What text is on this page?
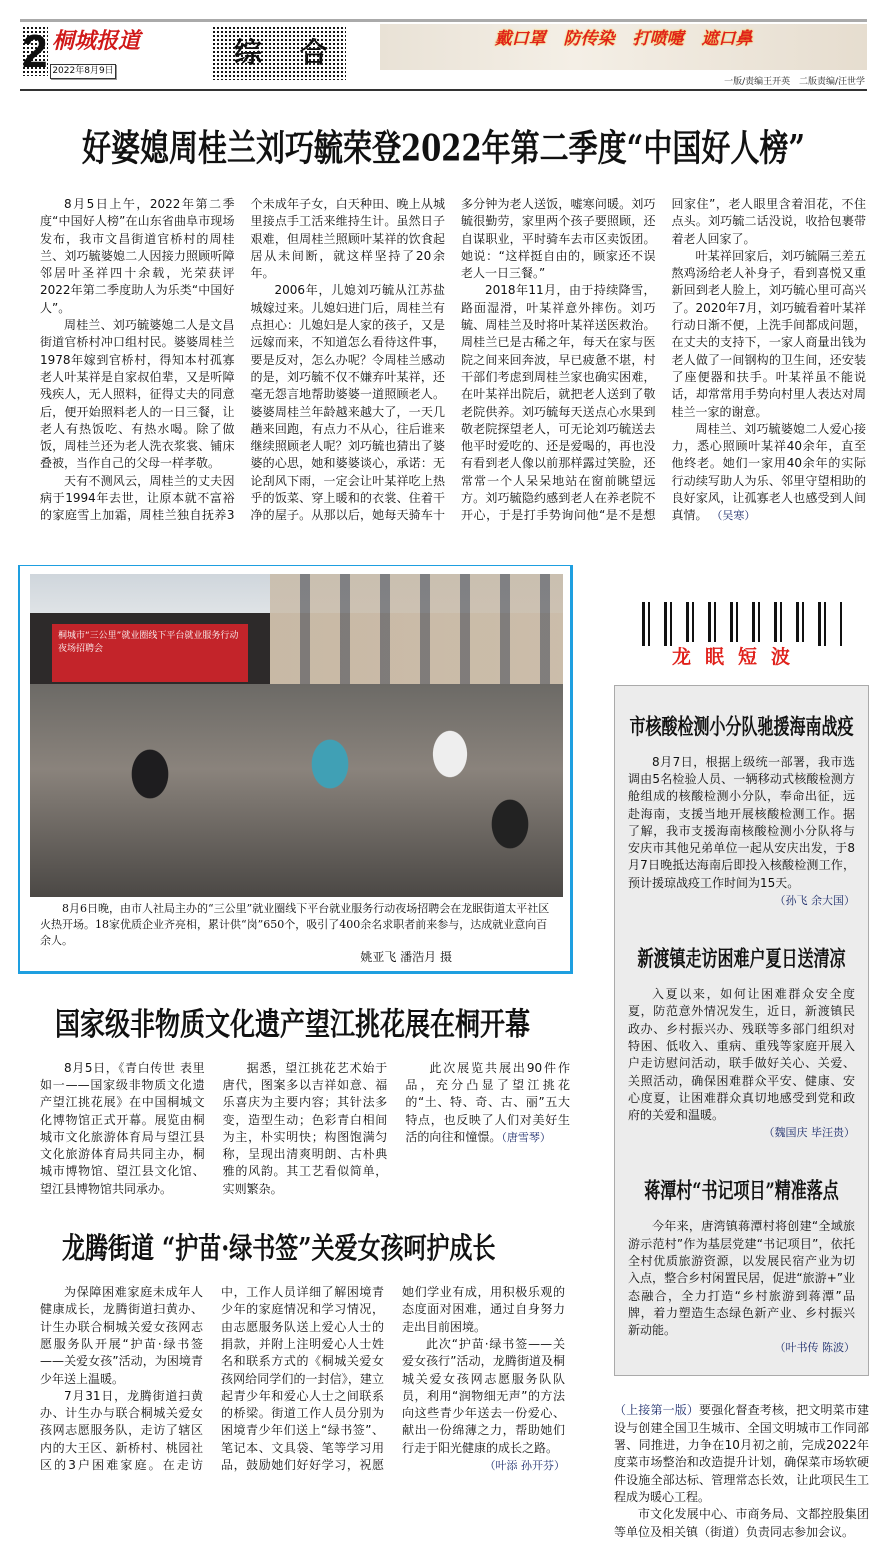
2 桐城报道
2022年8月9日
综 合	戴口罩 防传染 打喷嚏 遮口鼻
一版/责编王开英 二版责编/汪世学
好婆媳周桂兰刘巧毓荣登2022年第二季度“中国好人榜”

8月5日上午，2022年第二季度“中国好人榜”在山东省曲阜市现场发布，我市文昌街道官桥村的周桂兰、刘巧毓婆媳二人因接力照顾听障邻居叶圣祥四十余载，光荣获评2022年第二季度助人为乐类“中国好人”。

周桂兰、刘巧毓婆媳二人是文昌街道官桥村冲口组村民。婆婆周桂兰1978年嫁到官桥村，得知本村孤寡老人叶某祥是自家叔伯辈，又是听障残疾人，无人照料，征得丈夫的同意后，便开始照料老人的一日三餐，让老人有热饭吃、有热水喝。除了做饭，周桂兰还为老人洗衣浆裳、铺床叠被，当作自己的父母一样孝敬。

天有不测风云，周桂兰的丈夫因病于1994年去世，让原本就不富裕的家庭雪上加霜，周桂兰独自抚养3个未成年子女，白天种田、晚上从城里接点手工活来维持生计。虽然日子艰难，但周桂兰照顾叶某祥的饮食起居从未间断，就这样坚持了20余年。

2006年，儿媳刘巧毓从江苏盐城嫁过来。儿媳妇进门后，周桂兰有点担心：儿媳妇是人家的孩子，又是远嫁而来，不知道怎么看待这件事，要是反对，怎么办呢？令周桂兰感动的是，刘巧毓不仅不嫌弃叶某祥，还毫无怨言地帮助婆婆一道照顾老人。婆婆周桂兰年龄越来越大了，一天几趟来回跑，有点力不从心，往后谁来继续照顾老人呢？刘巧毓也猜出了婆婆的心思，她和婆婆谈心，承诺：无论刮风下雨，一定会让叶某祥吃上热乎的饭菜、穿上暖和的衣裳、住着干净的屋子。从那以后，她每天骑车十多分钟为老人送饭，嘘寒问暖。刘巧毓很勤劳，家里两个孩子要照顾，还自谋职业，平时骑车去市区卖饭团。她说：“这样挺自由的，顾家还不误老人一日三餐。”

2018年11月，由于持续降雪，路面湿滑，叶某祥意外摔伤。刘巧毓、周桂兰及时将叶某祥送医救治。周桂兰已是古稀之年，每天在家与医院之间来回奔波，早已疲惫不堪，村干部们考虑到周桂兰家也确实困难，在叶某祥出院后，就把老人送到了敬老院供养。刘巧毓每天送点心水果到敬老院探望老人，可无论刘巧毓送去他平时爱吃的、还是爱喝的，再也没有看到老人像以前那样露过笑脸，还常常一个人呆呆地站在窗前眺望远方。刘巧毓隐约感到老人在养老院不开心，于是打手势询问他“是不是想回家住”，老人眼里含着泪花，不住点头。刘巧毓二话没说，收拾包裹带着老人回家了。

叶某祥回家后，刘巧毓隔三差五熬鸡汤给老人补身子，看到喜悦又重新回到老人脸上，刘巧毓心里可高兴了。2020年7月，刘巧毓看着叶某祥行动日渐不便，上洗手间都成问题，在丈夫的支持下，一家人商量出钱为老人做了一间钢构的卫生间，还安装了座便器和扶手。叶某祥虽不能说话，却常常用手势向村里人表达对周桂兰一家的谢意。

周桂兰、刘巧毓婆媳二人爱心接力，悉心照顾叶某祥40余年，直至他终老。她们一家用40余年的实际行动续写助人为乐、邻里守望相助的良好家风，让孤寡老人也感受到人间真情。 （吴寒）

桐城市“三公里”就业圈线下平台就业服务行动夜场招聘会
8月6日晚，由市人社局主办的“三公里”就业圈线下平台就业服务行动夜场招聘会在龙眠街道太平社区火热开场。18家优质企业齐亮相，累计供“岗”650个，吸引了400余名求职者前来参与，达成就业意向百余人。
姚亚飞 潘浩月 摄
国家级非物质文化遗产望江挑花展在桐开幕

8月5日，《青白传世 表里如一——国家级非物质文化遗产望江挑花展》在中国桐城文化博物馆正式开幕。展览由桐城市文化旅游体育局与望江县文化旅游体育局共同主办，桐城市博物馆、望江县文化馆、望江县博物馆共同承办。

据悉，望江挑花艺术始于唐代，图案多以吉祥如意、福乐喜庆为主要内容；其针法多变，造型生动；色彩青白相间为主，朴实明快；构图饱满匀称，呈现出清爽明朗、古朴典雅的风韵。其工艺看似简单，实则繁杂。

此次展览共展出90件作品，充分凸显了望江挑花的“土、特、奇、古、丽”五大特点，也反映了人们对美好生活的向往和憧憬。（唐雪琴）

龙腾街道 “护苗·绿书签”关爱女孩呵护成长

为保障困难家庭未成年人健康成长，龙腾街道扫黄办、计生办联合桐城关爱女孩网志愿服务队开展“护苗·绿书签——关爱女孩”活动，为困境青少年送上温暖。

7月31日，龙腾街道扫黄办、计生办与联合桐城关爱女孩网志愿服务队，走访了辖区内的大王区、新桥村、桃园社区的3户困难家庭。在走访中，工作人员详细了解困境青少年的家庭情况和学习情况，由志愿服务队送上爱心人士的捐款，并附上注明爱心人士姓名和联系方式的《桐城关爱女孩网给同学们的一封信》，建立起青少年和爱心人士之间联系的桥梁。街道工作人员分别为困境青少年们送上“绿书签”、笔记本、文具袋、笔等学习用品，鼓励她们好好学习，祝愿她们学业有成，用积极乐观的态度面对困难，通过自身努力走出目前困境。

此次“护苗·绿书签——关爱女孩行”活动，龙腾街道及桐城关爱女孩网志愿服务队队员，利用“润物细无声”的方法向这些青少年送去一份爱心、献出一份绵薄之力，帮助她们行走于阳光健康的成长之路。

（叶添 孙开芬）
龙眠短波
市核酸检测小分队驰援海南战疫

8月7日，根据上级统一部署，我市选调由5名检验人员、一辆移动式核酸检测方舱组成的核酸检测小分队，奉命出征，远赴海南，支援当地开展核酸检测工作。据了解，我市支援海南核酸检测小分队将与安庆市其他兄弟单位一起从安庆出发，于8月7日晚抵达海南后即投入核酸检测工作，预计援琼战疫工作时间为15天。

（孙飞 余大国）
新渡镇走访困难户夏日送清凉

入夏以来，如何让困难群众安全度夏，防范意外情况发生，近日，新渡镇民政办、乡村振兴办、残联等多部门组织对特困、低收入、重病、重残等家庭开展入户走访慰问活动，联手做好关心、关爱、关照活动，确保困难群众平安、健康、安心度夏，让困难群众真切地感受到党和政府的关爱和温暖。

（魏国庆 毕汪贵）
蒋潭村“书记项目”精准落点

今年来，唐湾镇蒋潭村将创建“全域旅游示范村”作为基层党建“书记项目”，依托全村优质旅游资源，以发展民宿产业为切入点，整合乡村闲置民居，促进“旅游+”业态融合，全力打造“乡村旅游到蒋潭”品牌，着力塑造生态绿色新产业、乡村振兴新动能。

（叶书传 陈波）

（上接第一版）要强化督查考核，把文明菜市建设与创建全国卫生城市、全国文明城市工作同部署、同推进，力争在10月初之前，完成2022年度菜市场整治和改造提升计划，确保菜市场软硬件设施全部达标、管理常态长效，让此项民生工程成为暖心工程。

市文化发展中心、市商务局、文都控股集团等单位及相关镇（街道）负责同志参加会议。
